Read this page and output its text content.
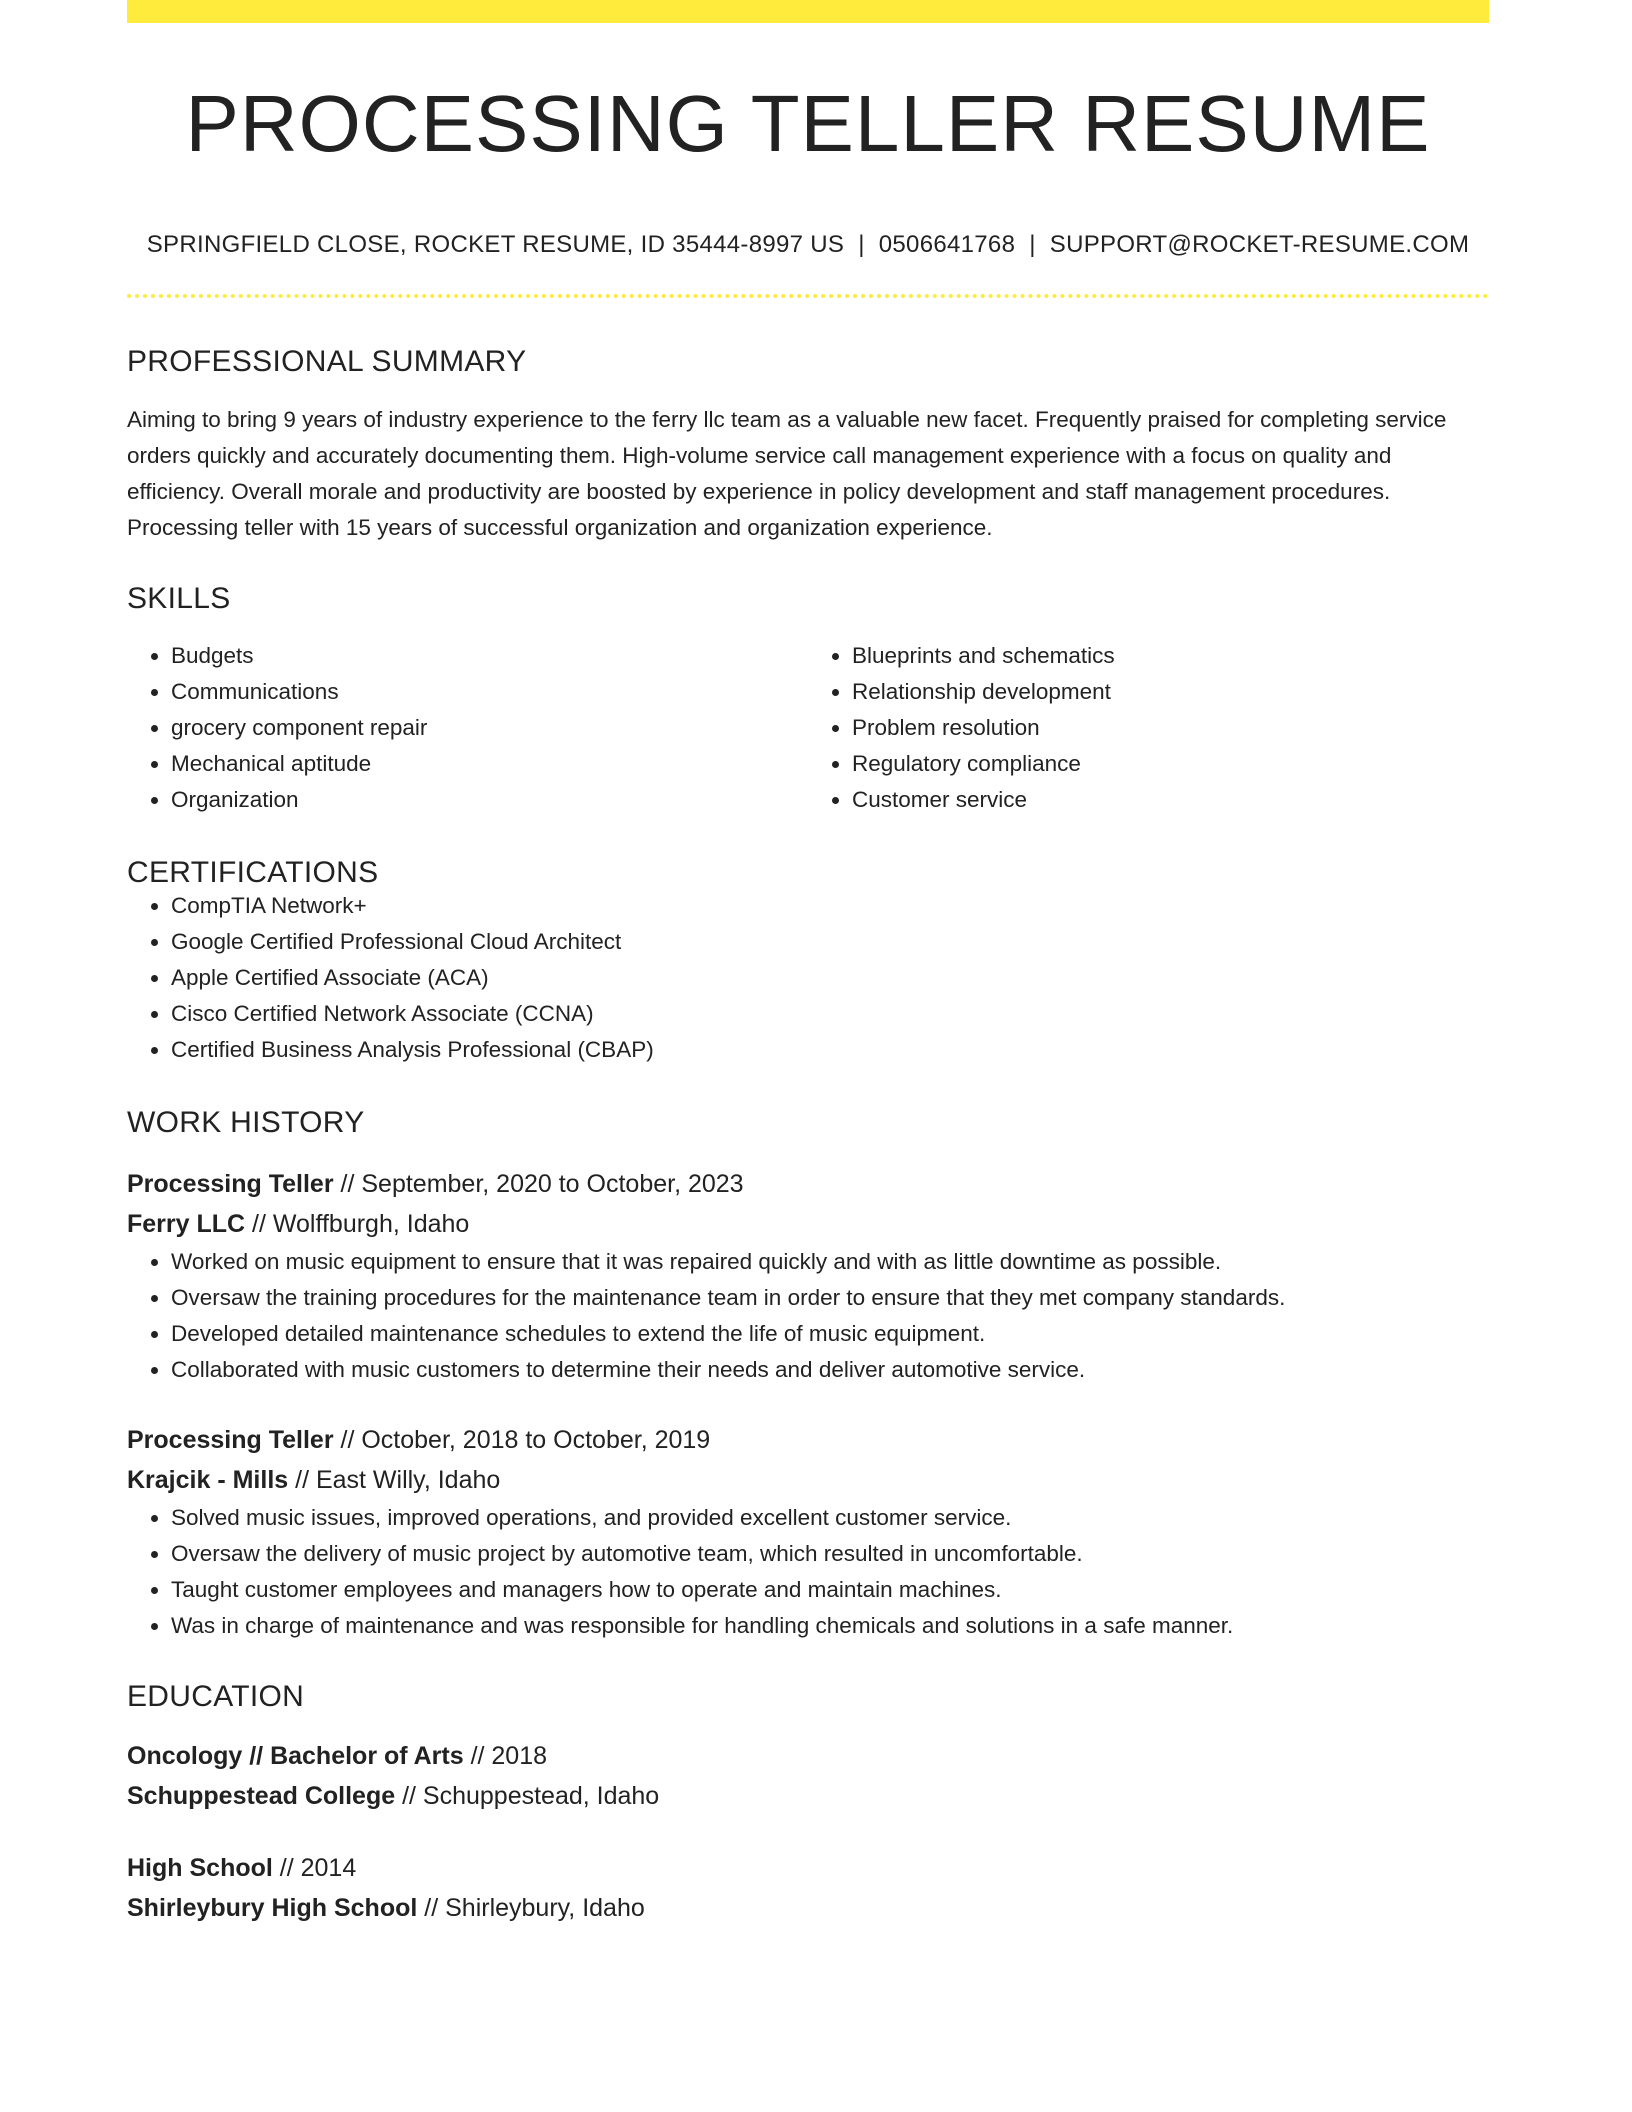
PROCESSING TELLER RESUME
SPRINGFIELD CLOSE, ROCKET RESUME, ID 35444-8997 US | 0506641768 | SUPPORT@ROCKET-RESUME.COM
PROFESSIONAL SUMMARY

Aiming to bring 9 years of industry experience to the ferry llc team as a valuable new facet. Frequently praised for completing service orders quickly and accurately documenting them. High-volume service call management experience with a focus on quality and efficiency. Overall morale and productivity are boosted by experience in policy development and staff management procedures. Processing teller with 15 years of successful organization and organization experience.

SKILLS
• Budgets
• Communications
• grocery component repair
• Mechanical aptitude
• Organization
• Blueprints and schematics
• Relationship development
• Problem resolution
• Regulatory compliance
• Customer service
CERTIFICATIONS
• CompTIA Network+
• Google Certified Professional Cloud Architect
• Apple Certified Associate (ACA)
• Cisco Certified Network Associate (CCNA)
• Certified Business Analysis Professional (CBAP)
WORK HISTORY
Processing Teller // September, 2020 to October, 2023
Ferry LLC // Wolffburgh, Idaho
• Worked on music equipment to ensure that it was repaired quickly and with as little downtime as possible.
• Oversaw the training procedures for the maintenance team in order to ensure that they met company standards.
• Developed detailed maintenance schedules to extend the life of music equipment.
• Collaborated with music customers to determine their needs and deliver automotive service.
Processing Teller // October, 2018 to October, 2019
Krajcik - Mills // East Willy, Idaho
• Solved music issues, improved operations, and provided excellent customer service.
• Oversaw the delivery of music project by automotive team, which resulted in uncomfortable.
• Taught customer employees and managers how to operate and maintain machines.
• Was in charge of maintenance and was responsible for handling chemicals and solutions in a safe manner.
EDUCATION
Oncology // Bachelor of Arts // 2018
Schuppestead College // Schuppestead, Idaho
High School // 2014
Shirleybury High School // Shirleybury, Idaho
